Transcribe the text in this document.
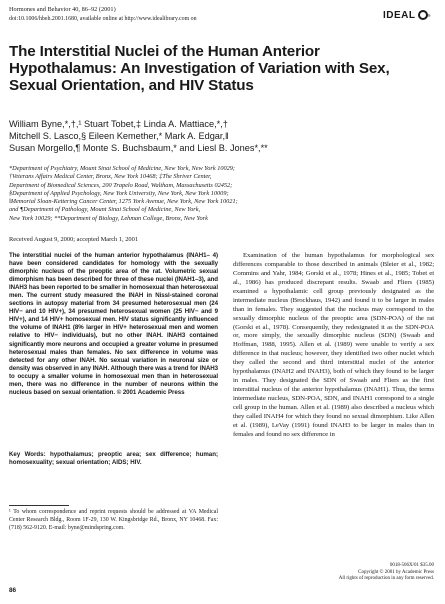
Hormones and Behavior 40, 86–92 (2001)
doi:10.1006/hbeh.2001.1680, available online at http://www.idealibrary.com on	IDEAL	®
The Interstitial Nuclei of the Human Anterior Hypothalamus: An Investigation of Variation with Sex, Sexual Orientation, and HIV Status
William Byne,*,†,¹ Stuart Tobet,‡ Linda A. Mattiace,*,†
Mitchell S. Lasco,§ Eileen Kemether,* Mark A. Edgar,‖
Susan Morgello,¶ Monte S. Buchsbaum,* and Liesl B. Jones*,**
*Department of Psychiatry, Mount Sinai School of Medicine, New York, New York 10029;
†Veterans Affairs Medical Center, Bronx, New York 10468; ‡The Shriver Center,
Department of Biomedical Sciences, 200 Trapelo Road, Waltham, Massachusetts 02452;
§Department of Applied Psychology, New York University, New York, New York 10009;
‖Memorial Sloan-Kettering Cancer Center, 1275 York Avenue, New York, New York 10021;
and ¶Department of Pathology, Mount Sinai School of Medicine, New York,
New York 10029; **Department of Biology, Lehman College, Bronx, New York
Received August 9, 2000; accepted March 1, 2001
The interstitial nuclei of the human anterior hypothalamus (INAH1– 4) have been considered candidates for homology with the sexually dimorphic nucleus of the preoptic area of the rat. Volumetric sexual dimorphism has been described for three of these nuclei (INAH1–3), and INAH3 has been reported to be smaller in homosexual than heterosexual men. The current study measured the INAH in Nissl-stained coronal sections in autopsy material from 34 presumed heterosexual men (24 HIV− and 10 HIV+), 34 presumed heterosexual women (25 HIV− and 9 HIV+), and 14 HIV+ homosexual men. HIV status significantly influenced the volume of INAH1 (8% larger in HIV+ heterosexual men and women relative to HIV− individuals), but no other INAH. INAH3 contained significantly more neurons and occupied a greater volume in presumed heterosexual males than females. No sex difference in volume was detected for any other INAH. No sexual variation in neuronal size or density was observed in any INAH. Although there was a trend for INAH3 to occupy a smaller volume in homosexual men than in heterosexual men, there was no difference in the number of neurons within the nucleus based on sexual orientation. © 2001 Academic Press
Key Words: hypothalamus; preoptic area; sex difference; human; homosexuality; sexual orientation; AIDS; HIV.
¹ To whom correspondence and reprint requests should be addressed at VA Medical Center Research Bldg., Room 1F-29, 130 W. Kingsbridge Rd., Bronx, NY 10468. Fax: (718) 562-9120. E-mail: byne@mindspring.com.

Examination of the human hypothalamus for morphological sex differences comparable to those described in animals (Bleier et al., 1982; Commins and Yahr, 1984; Gorski et al., 1978; Hines et al., 1985; Tobet et al., 1986) has produced discrepant results. Swaab and Fliers (1985) examined a hypothalamic cell group previously designated as the intermediate nucleus (Brockhaus, 1942) and found it to be larger in males than in females. They suggested that the nucleus may correspond to the sexually dimorphic nucleus of the preoptic area (SDN-POA) of the rat (Gorski et al., 1978). Consequently, they redesignated it as the SDN-POA or, more simply, the sexually dimorphic nucleus (SDN) (Swaab and Hoffman, 1988, 1995). Allen et al. (1989) were unable to verify a sex difference in that nucleus; however, they identified two other nuclei which they called the second and third interstitial nuclei of the anterior hypothalamus (INAH2 and INAH3), both of which they found to be larger in males. They designated the SDN of Swaab and Fliers as the first interstitial nucleus of the anterior hypothalamus (INAH1). Thus, the terms intermediate nucleus, SDN-POA, SDN, and INAH1 correspond to a single cell group in the human. Allen et al. (1989) also described a nucleus which they called INAH4 for which they found no sexual dimorphism. Like Allen et al. (1989), LeVay (1991) found INAH3 to be larger in males than in females and found no sex difference in

86
0018-506X/01 $35.00
Copyright © 2001 by Academic Press
All rights of reproduction in any form reserved.
